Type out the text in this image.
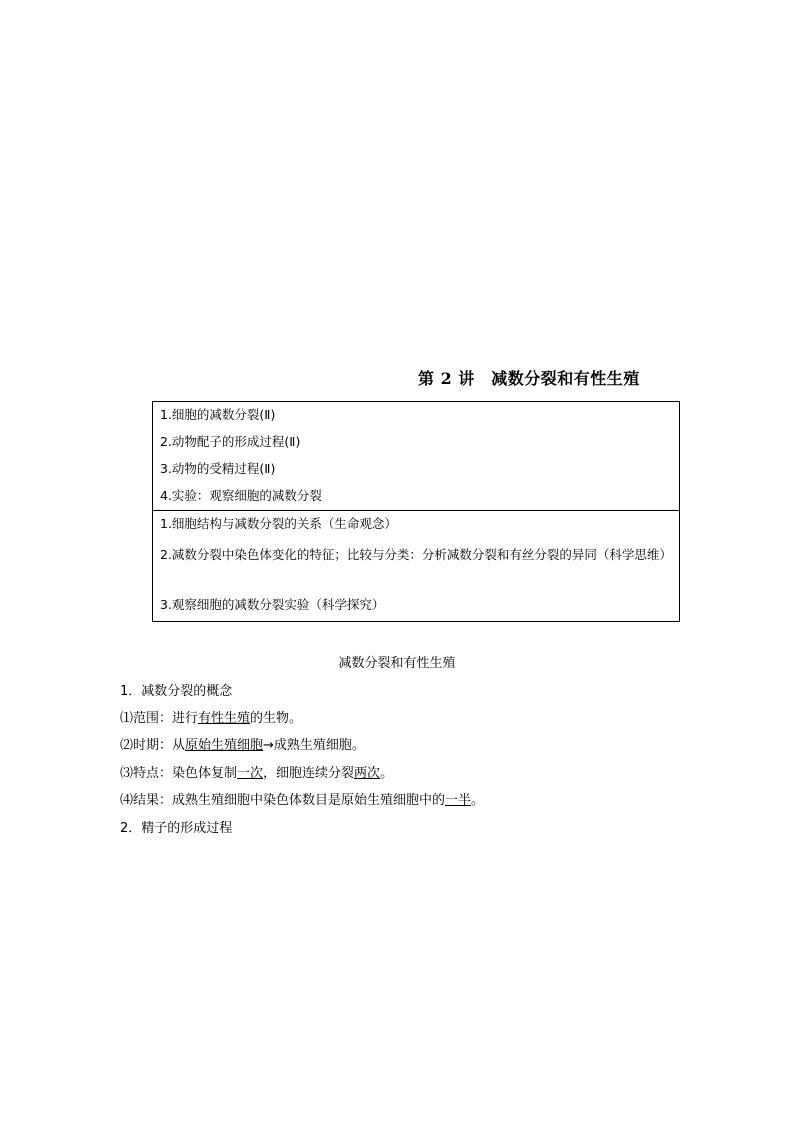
第 2 讲　减数分裂和有性生殖
1.细胞的减数分裂(Ⅱ)
2.动物配子的形成过程(Ⅱ)
3.动物的受精过程(Ⅱ)
4.实验：观察细胞的减数分裂
1.细胞结构与减数分裂的关系（生命观念）
2.减数分裂中染色体变化的特征；比较与分类：分析减数分裂和有丝分裂的异同（科学思维）
3.观察细胞的减数分裂实验（科学探究）
减数分裂和有性生殖
1．减数分裂的概念
⑴范围：进行有性生殖的生物。
⑵时期：从原始生殖细胞→成熟生殖细胞。
⑶特点：染色体复制一次，细胞连续分裂两次。
⑷结果：成熟生殖细胞中染色体数目是原始生殖细胞中的一半。
2．精子的形成过程
